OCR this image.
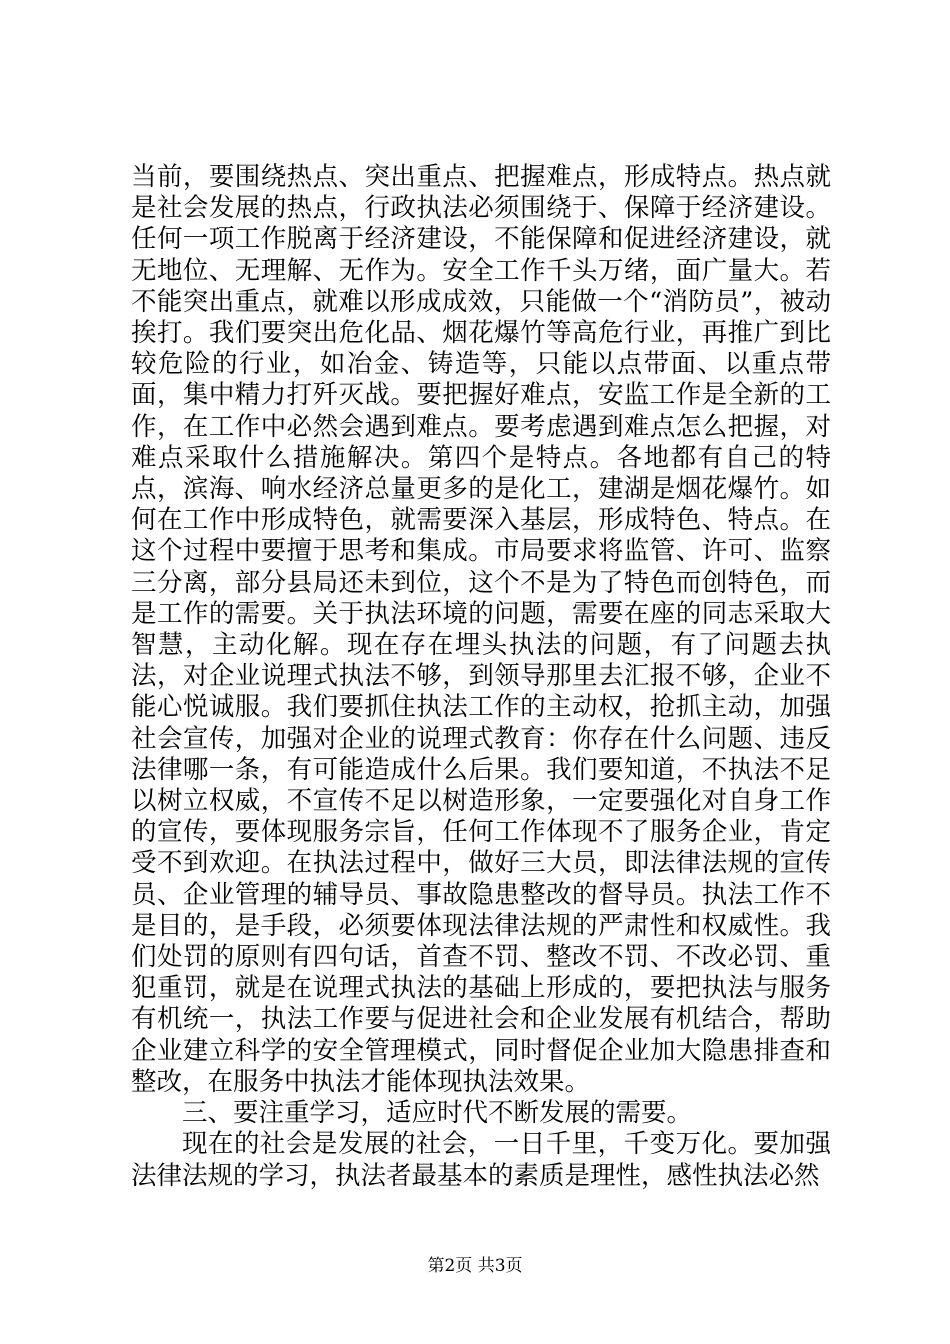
当前，要围绕热点、突出重点、把握难点，形成特点。热点就是社会发展的热点，行政执法必须围绕于、保障于经济建设。任何一项工作脱离于经济建设，不能保障和促进经济建设，就无地位、无理解、无作为。安全工作千头万绪，面广量大。若不能突出重点，就难以形成成效，只能做一个“消防员”，被动挨打。我们要突出危化品、烟花爆竹等高危行业，再推广到比较危险的行业，如冶金、铸造等，只能以点带面、以重点带面，集中精力打歼灭战。要把握好难点，安监工作是全新的工作，在工作中必然会遇到难点。要考虑遇到难点怎么把握，对难点采取什么措施解决。第四个是特点。各地都有自己的特点，滨海、响水经济总量更多的是化工，建湖是烟花爆竹。如何在工作中形成特色，就需要深入基层，形成特色、特点。在这个过程中要擅于思考和集成。市局要求将监管、许可、监察三分离，部分县局还未到位，这个不是为了特色而创特色，而是工作的需要。关于执法环境的问题，需要在座的同志采取大智慧，主动化解。现在存在埋头执法的问题，有了问题去执法，对企业说理式执法不够，到领导那里去汇报不够，企业不能心悦诚服。我们要抓住执法工作的主动权，抢抓主动，加强社会宣传，加强对企业的说理式教育：你存在什么问题、违反法律哪一条，有可能造成什么后果。我们要知道，不执法不足以树立权威，不宣传不足以树造形象，一定要强化对自身工作的宣传，要体现服务宗旨，任何工作体现不了服务企业，肯定受不到欢迎。在执法过程中，做好三大员，即法律法规的宣传员、企业管理的辅导员、事故隐患整改的督导员。执法工作不是目的，是手段，必须要体现法律法规的严肃性和权威性。我们处罚的原则有四句话，首查不罚、整改不罚、不改必罚、重犯重罚，就是在说理式执法的基础上形成的，要把执法与服务有机统一，执法工作要与促进社会和企业发展有机结合，帮助企业建立科学的安全管理模式，同时督促企业加大隐患排查和整改，在服务中执法才能体现执法效果。

三、要注重学习，适应时代不断发展的需要。

现在的社会是发展的社会，一日千里，千变万化。要加强法律法规的学习，执法者最基本的素质是理性，感性执法必然

第2页 共3页
